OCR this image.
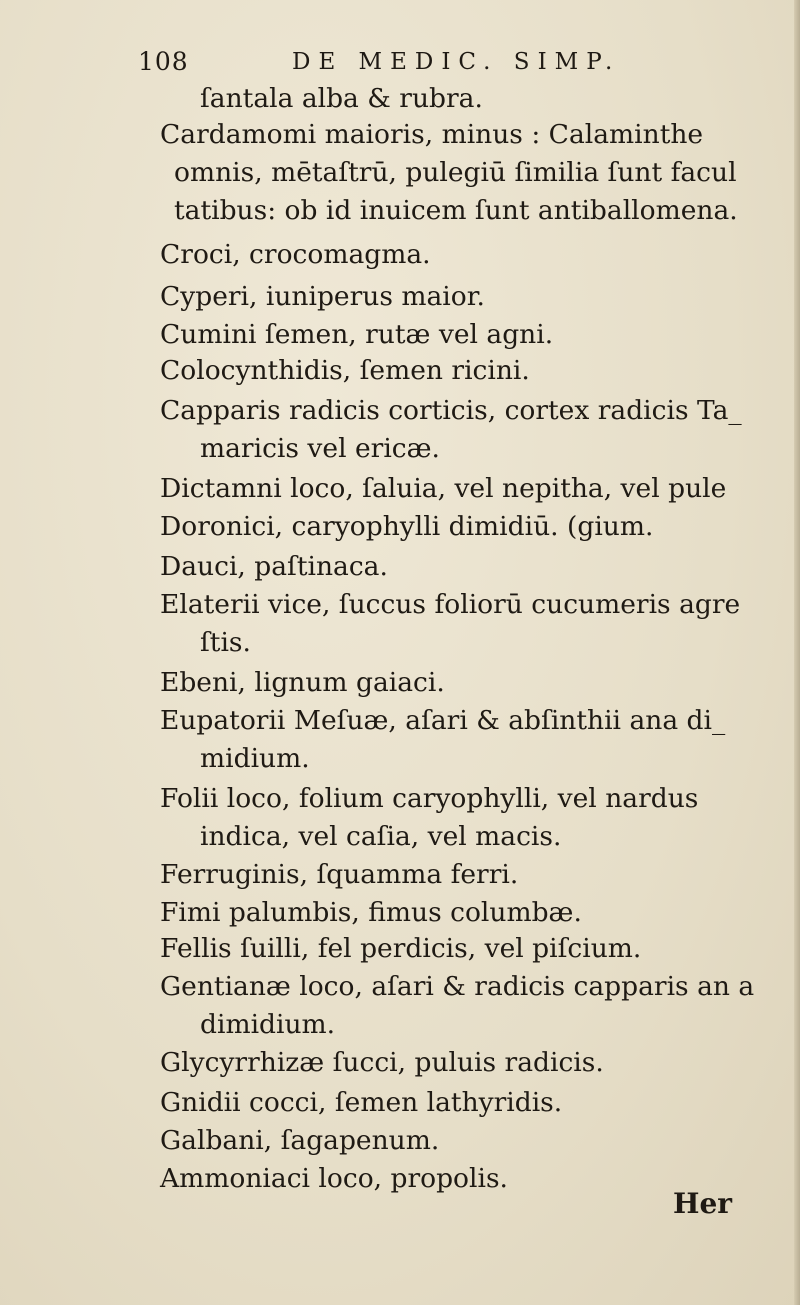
108	DE MEDIC. SIMP.
ſantala alba & rubra.
Cardamomi maioris, minus : Calaminthe
omnis, mētaſtrū, pulegiū ſimilia ſunt facul
tatibus: ob id inuicem ſunt antiballomena.
Croci, crocomagma.
Cyperi, iuniperus maior.
Cumini ſemen, rutæ vel agni.
Colocynthidis, ſemen ricini.
Capparis radicis corticis, cortex radicis Ta_
maricis vel ericæ.
Dictamni loco, ſaluia, vel nepitha, vel pule
Doronici, caryophylli dimidiū. (gium.
Dauci, paſtinaca.
Elaterii vice, ſuccus foliorū cucumeris agre
ſtis.
Ebeni, lignum gaiaci.
Eupatorii Meſuæ, aſari & abſinthii ana di_
midium.
Folii loco, folium caryophylli, vel nardus
indica, vel caſia, vel macis.
Ferruginis, ſquamma ferri.
Fimi palumbis, fimus columbæ.
Fellis ſuilli, fel perdicis, vel piſcium.
Gentianæ loco, aſari & radicis capparis an a
dimidium.
Glycyrrhizæ ſucci, puluis radicis.
Gnidii cocci, ſemen lathyridis.
Galbani, ſagapenum.
Ammoniaci loco, propolis.
Her
